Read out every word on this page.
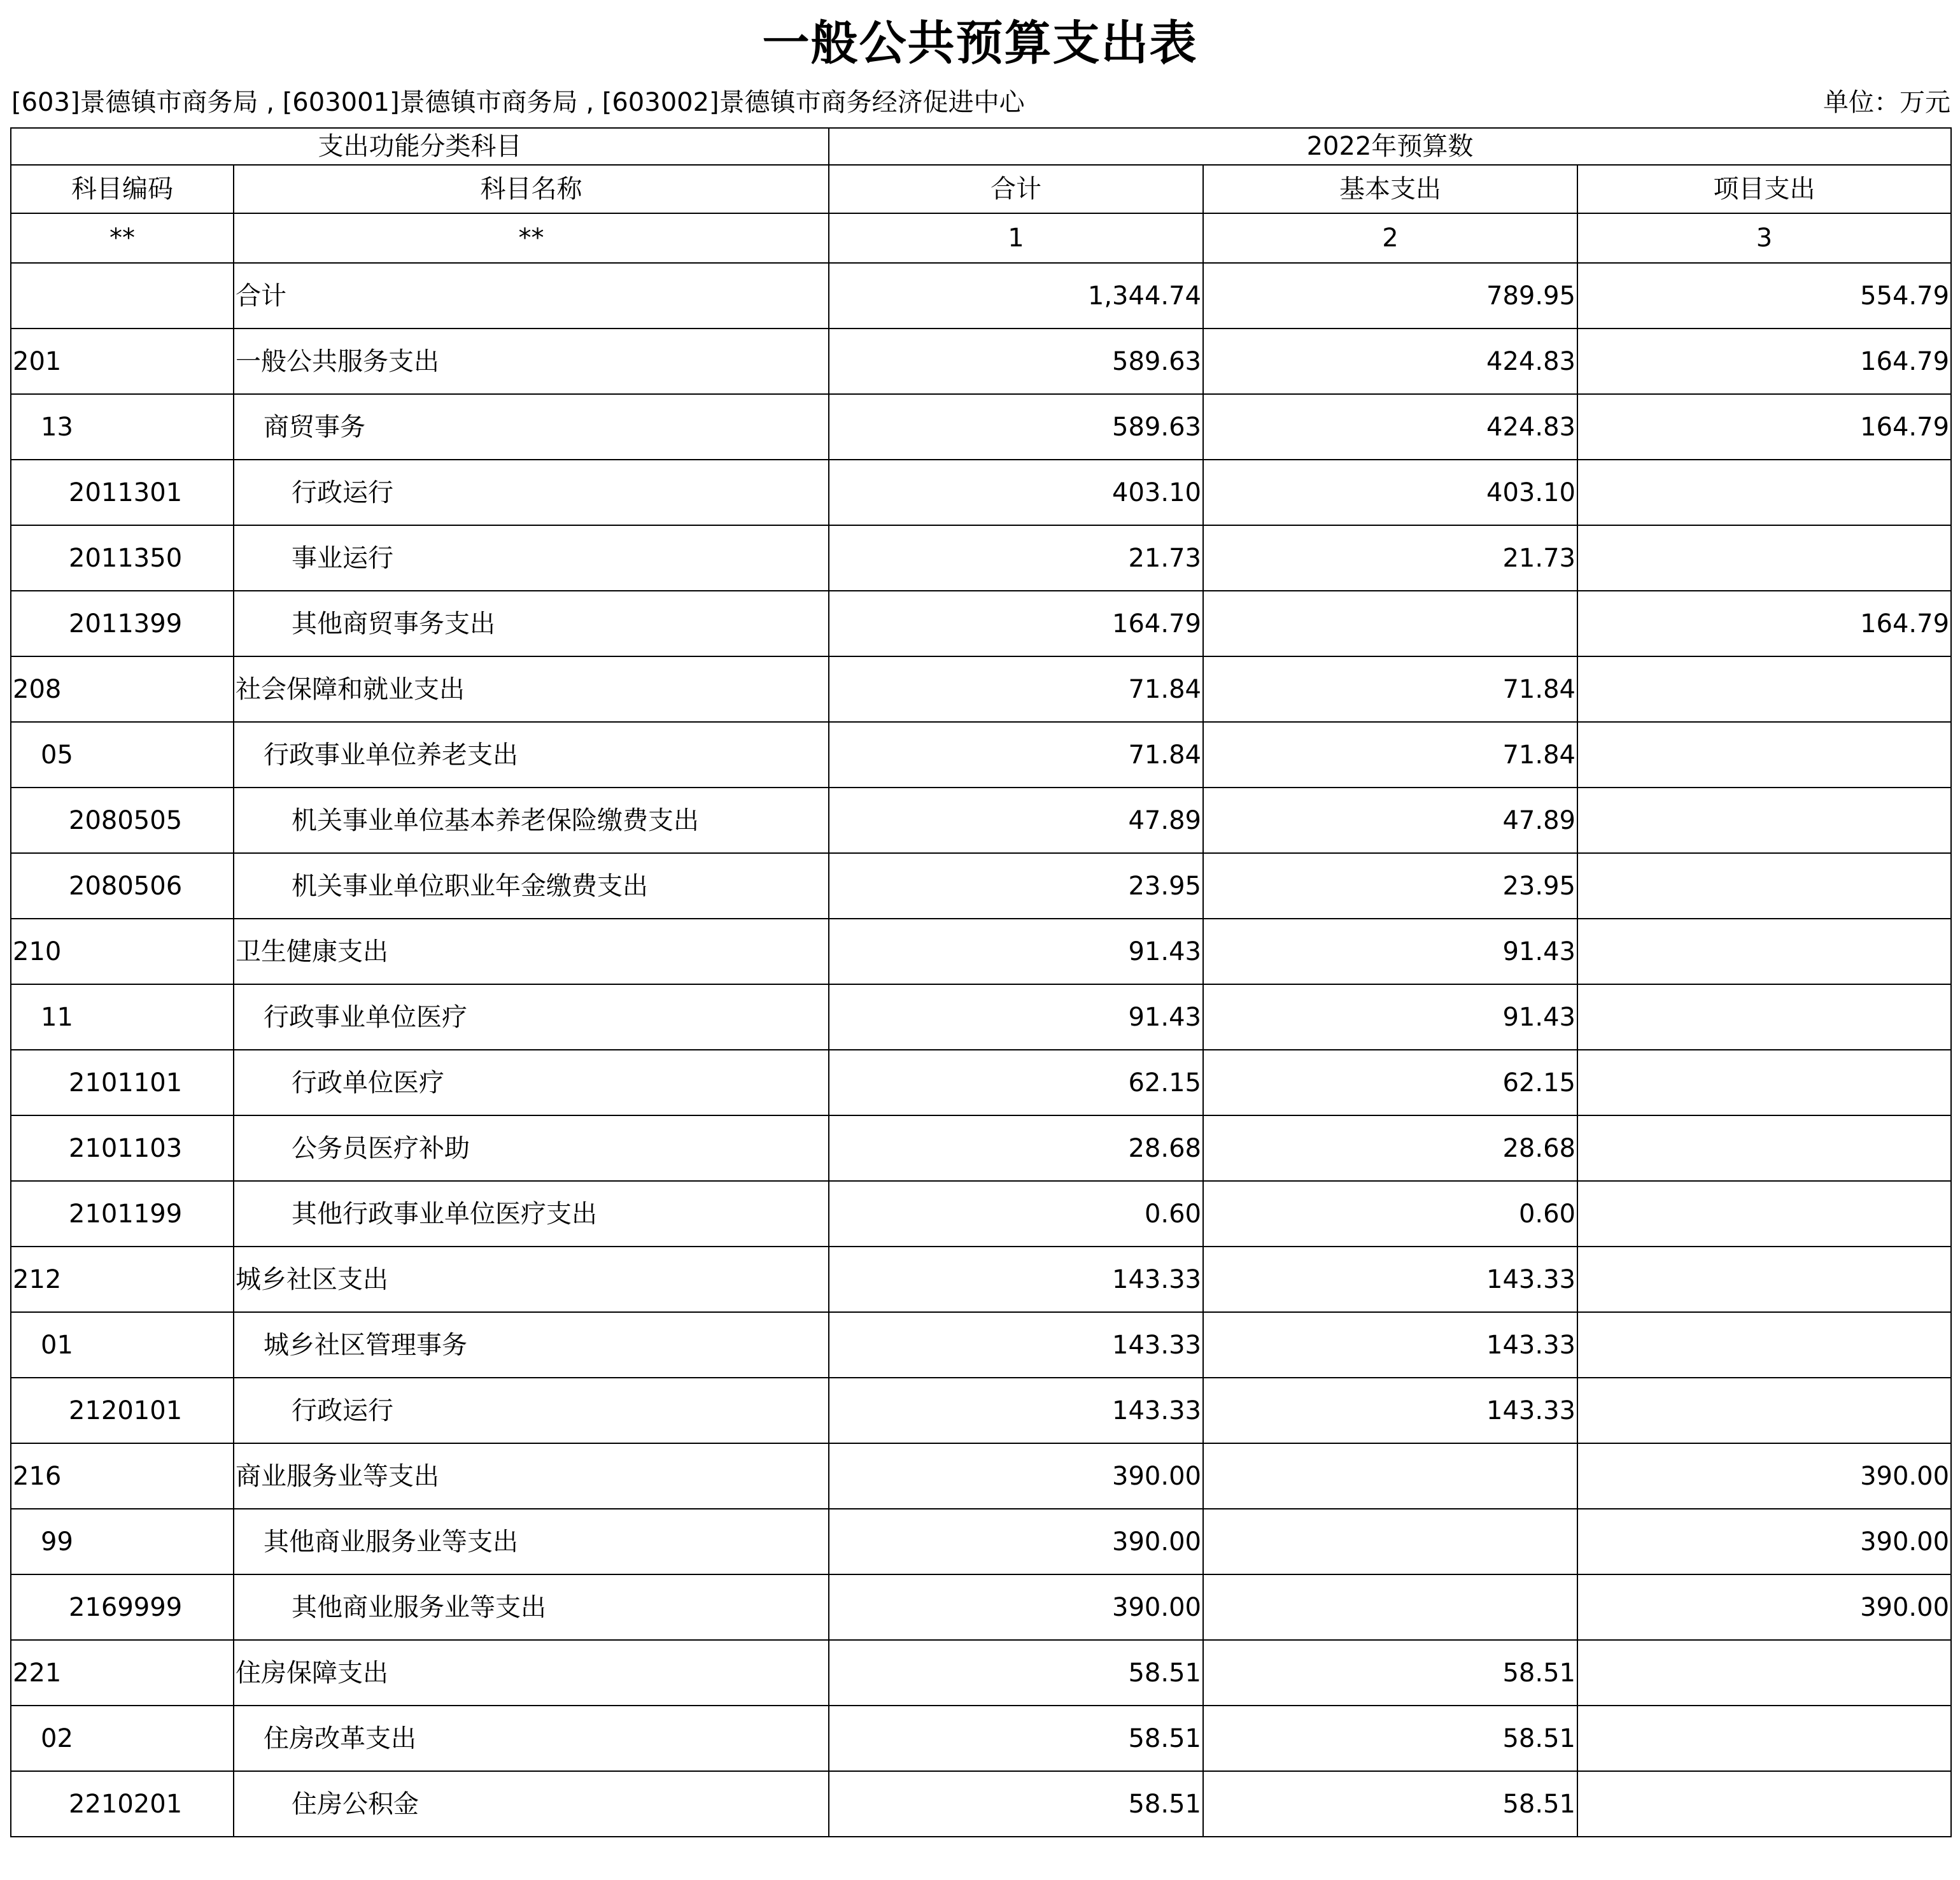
一般公共预算支出表
[603]景德镇市商务局 , [603001]景德镇市商务局 , [603002]景德镇市商务经济促进中心	单位：万元
支出功能分类科目		2022年预算数		
科目编码	科目名称	合计	基本支出	项目支出
**	**	1	2	3
	合计	1,344.74	789.95	554.79
201	一般公共服务支出	589.63	424.83	164.79
13	商贸事务	589.63	424.83	164.79
2011301	行政运行	403.10	403.10	
2011350	事业运行	21.73	21.73	
2011399	其他商贸事务支出	164.79		164.79
208	社会保障和就业支出	71.84	71.84	
05	行政事业单位养老支出	71.84	71.84	
2080505	机关事业单位基本养老保险缴费支出	47.89	47.89	
2080506	机关事业单位职业年金缴费支出	23.95	23.95	
210	卫生健康支出	91.43	91.43	
11	行政事业单位医疗	91.43	91.43	
2101101	行政单位医疗	62.15	62.15	
2101103	公务员医疗补助	28.68	28.68	
2101199	其他行政事业单位医疗支出	0.60	0.60	
212	城乡社区支出	143.33	143.33	
01	城乡社区管理事务	143.33	143.33	
2120101	行政运行	143.33	143.33	
216	商业服务业等支出	390.00		390.00
99	其他商业服务业等支出	390.00		390.00
2169999	其他商业服务业等支出	390.00		390.00
221	住房保障支出	58.51	58.51	
02	住房改革支出	58.51	58.51	
2210201	住房公积金	58.51	58.51	
